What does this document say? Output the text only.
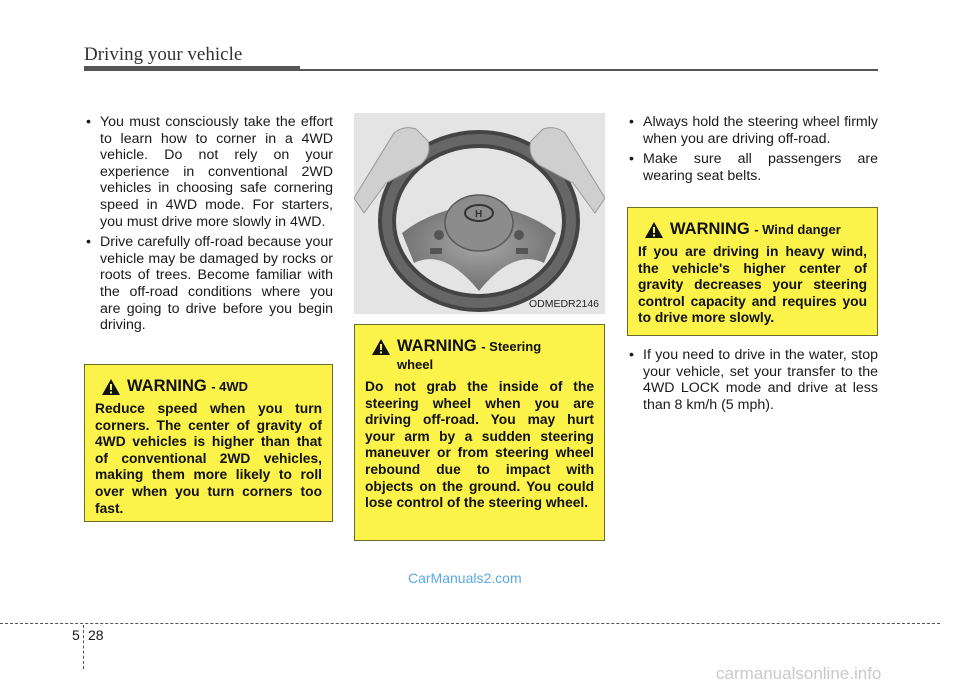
Driving your vehicle
• You must consciously take the effort to learn how to corner in a 4WD vehicle. Do not rely on your experience in conventional 2WD vehicles in choosing safe cornering speed in 4WD mode. For starters, you must drive more slowly in 4WD.
• Drive carefully off-road because your vehicle may be damaged by rocks or roots of trees. Become familiar with the off-road conditions where you are going to drive before you begin driving.
WARNING - 4WD
Reduce speed when you turn corners. The center of gravity of 4WD vehicles is higher than that of conventional 2WD vehicles, making them more likely to roll over when you turn corners too fast.
H
ODMEDR2146
WARNING - Steering wheel
Do not grab the inside of the steering wheel when you are driving off-road. You may hurt your arm by a sudden steering maneuver or from steering wheel rebound due to impact with objects on the ground. You could lose control of the steering wheel.
• Always hold the steering wheel firmly when you are driving off-road.
• Make sure all passengers are wearing seat belts.
WARNING - Wind danger
If you are driving in heavy wind, the vehicle's higher center of gravity decreases your steering control capacity and requires you to drive more slowly.
• If you need to drive in the water, stop your vehicle, set your transfer to the 4WD LOCK mode and drive at less than 8 km/h (5 mph).
CarManuals2.com
5 28
carmanualsonline.info
